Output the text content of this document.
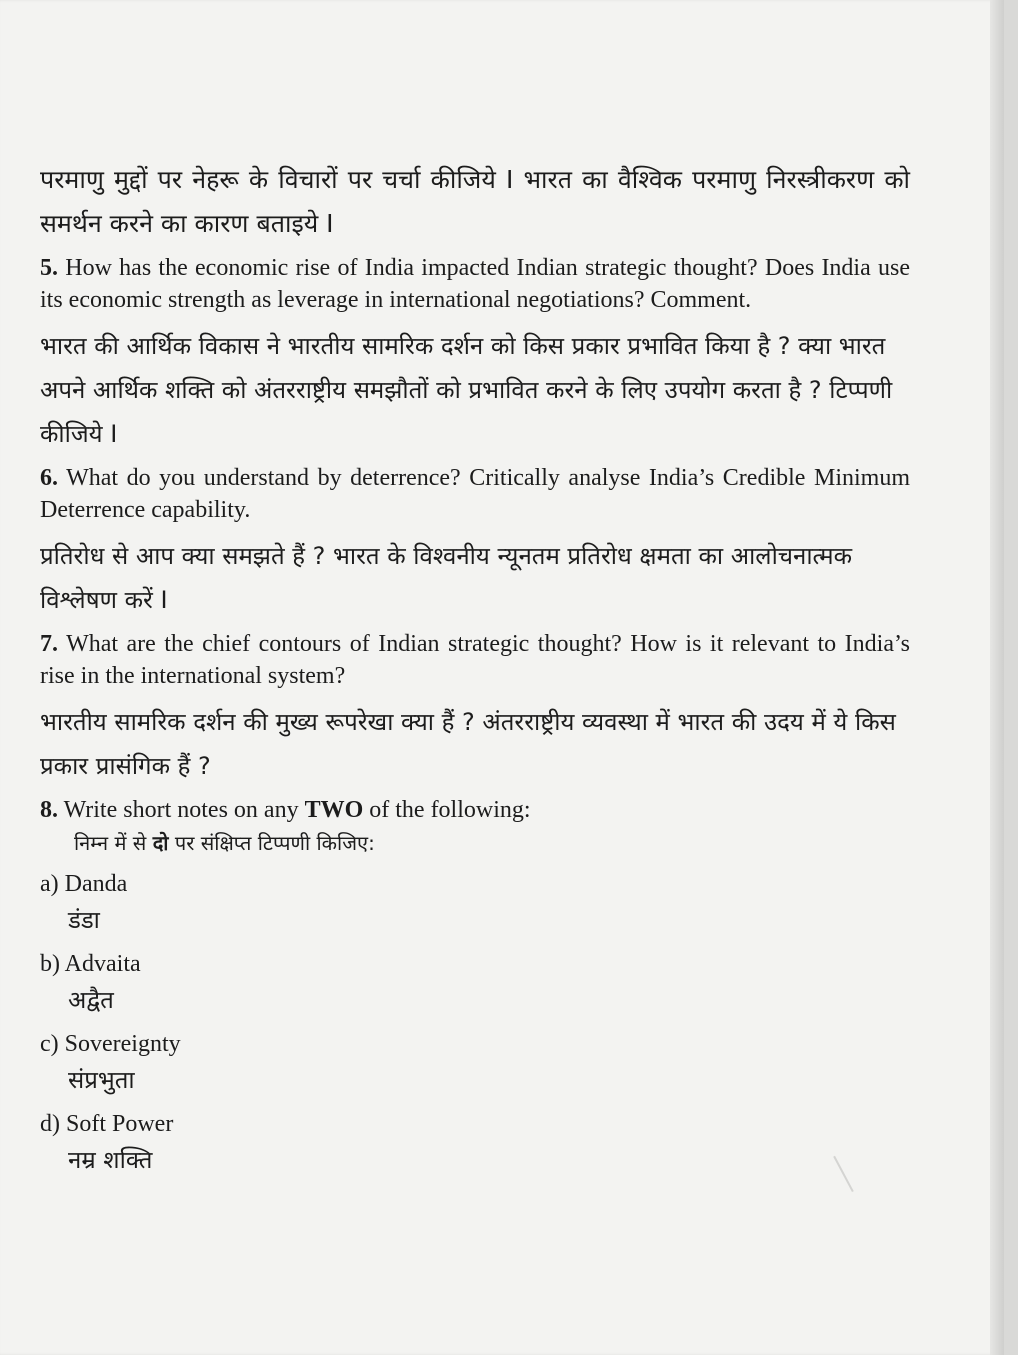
परमाणु मुद्दों पर नेहरू के विचारों पर चर्चा कीजिये I भारत का वैश्विक परमाणु निरस्त्रीकरण को समर्थन करने का कारण बताइये I

5. How has the economic rise of India impacted Indian strategic thought? Does India use its economic strength as leverage in international negotiations? Comment.

भारत की आर्थिक विकास ने भारतीय सामरिक दर्शन को किस प्रकार प्रभावित किया है ? क्या भारत अपने आर्थिक शक्ति को अंतरराष्ट्रीय समझौतों को प्रभावित करने के लिए उपयोग करता है ? टिप्पणी कीजिये I

6. What do you understand by deterrence? Critically analyse India’s Credible Minimum Deterrence capability.

प्रतिरोध से आप क्या समझते हैं ? भारत के विश्वनीय न्यूनतम प्रतिरोध क्षमता का आलोचनात्मक विश्लेषण करें I

7. What are the chief contours of Indian strategic thought? How is it relevant to India’s rise in the international system?

भारतीय सामरिक दर्शन की मुख्य रूपरेखा क्या हैं ? अंतरराष्ट्रीय व्यवस्था में भारत की उदय में ये किस प्रकार प्रासंगिक हैं ?

8. Write short notes on any TWO of the following:

निम्न में से दो पर संक्षिप्त टिप्पणी किजिए:

a) Danda

डंडा

b) Advaita

अद्वैत

c) Sovereignty

संप्रभुता

d) Soft Power

नम्र शक्ति
